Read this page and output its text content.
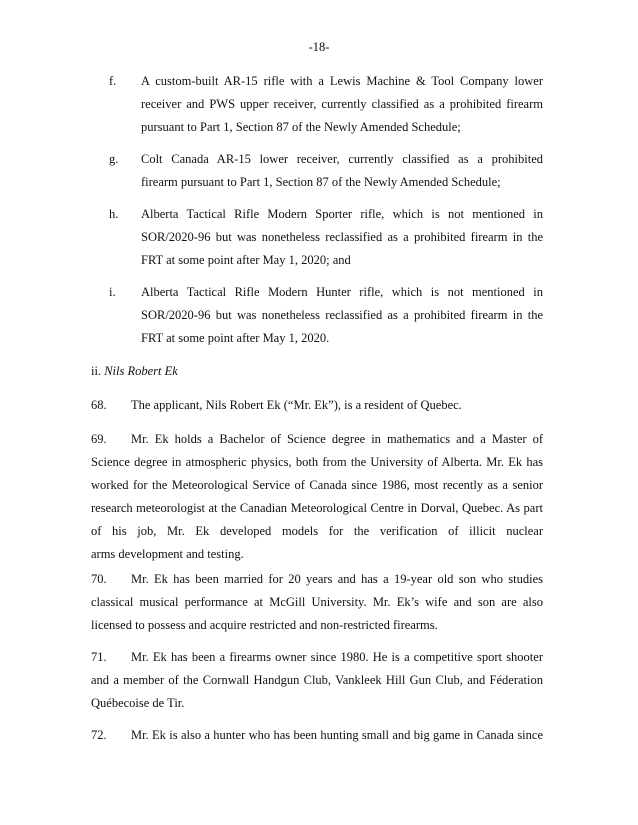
-18-
f.	A custom-built AR-15 rifle with a Lewis Machine & Tool Company lower
receiver and PWS upper receiver, currently classified as a prohibited firearm
pursuant to Part 1, Section 87 of the Newly Amended Schedule;
g.	Colt Canada AR-15 lower receiver, currently classified as a prohibited
firearm pursuant to Part 1, Section 87 of the Newly Amended Schedule;
h.	Alberta Tactical Rifle Modern Sporter rifle, which is not mentioned in
SOR/2020-96 but was nonetheless reclassified as a prohibited firearm in the
FRT at some point after May 1, 2020; and
i.	Alberta Tactical Rifle Modern Hunter rifle, which is not mentioned in
SOR/2020-96 but was nonetheless reclassified as a prohibited firearm in the
FRT at some point after May 1, 2020.
ii. Nils Robert Ek
68. The applicant, Nils Robert Ek (“Mr. Ek”), is a resident of Quebec.
69. Mr. Ek holds a Bachelor of Science degree in mathematics and a Master of
Science degree in atmospheric physics, both from the University of Alberta. Mr. Ek has
worked for the Meteorological Service of Canada since 1986, most recently as a senior
research meteorologist at the Canadian Meteorological Centre in Dorval, Quebec. As part
of his job, Mr. Ek developed models for the verification of illicit nuclear
arms development and testing.
70. Mr. Ek has been married for 20 years and has a 19-year old son who studies
classical musical performance at McGill University. Mr. Ek’s wife and son are also
licensed to possess and acquire restricted and non-restricted firearms.
71. Mr. Ek has been a firearms owner since 1980. He is a competitive sport shooter
and a member of the Cornwall Handgun Club, Vankleek Hill Gun Club, and Féderation
Québecoise de Tir.
72. Mr. Ek is also a hunter who has been hunting small and big game in Canada since
